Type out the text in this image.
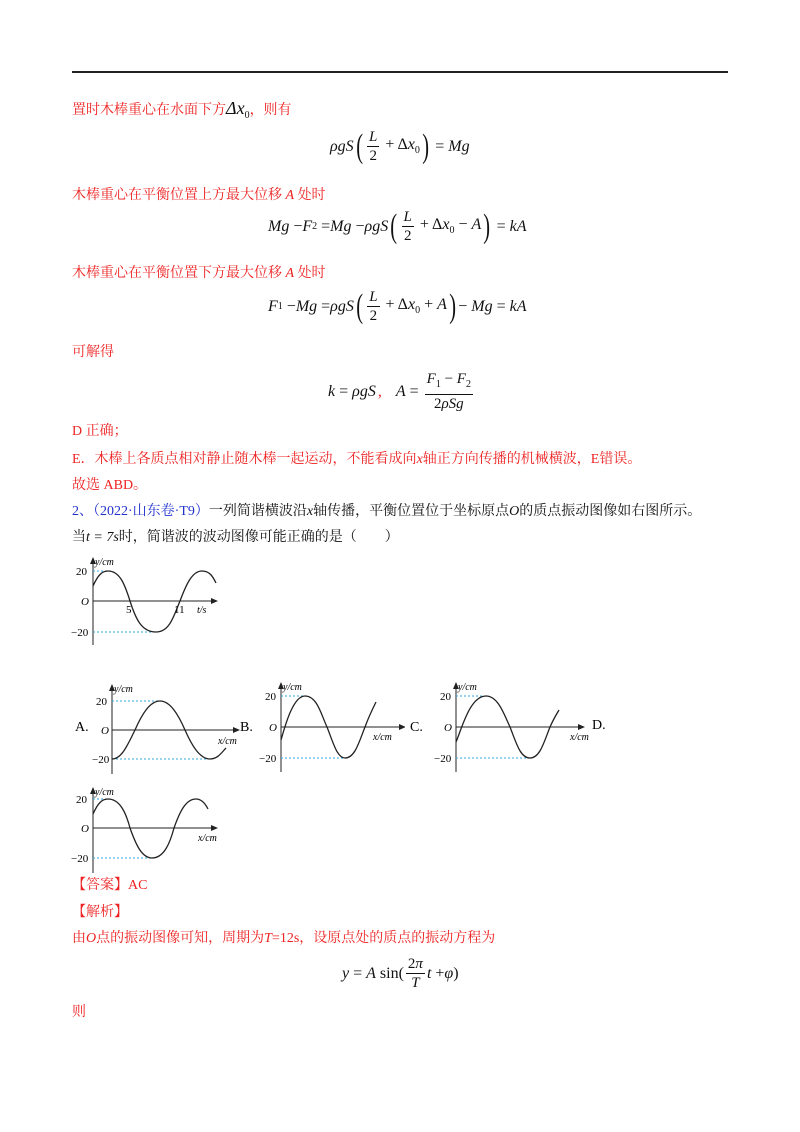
置时木棒重心在水面下方$\Delta x_0$，则有
ρgS ( $\frac{L}{2} + \Delta x_0$ ) = Mg
木棒重心在平衡位置上方最大位移 A 处时
Mg − F 2 = Mg − ρgS ( $\frac{L}{2} + \Delta x_0 - A$ ) = kA
木棒重心在平衡位置下方最大位移 A 处时
F 1 − Mg = ρgS ( $\frac{L}{2} + \Delta x_0 + A$ ) − Mg = kA
可解得
k = ρgS , $A = \frac{F_1 - F_2}{\text{2ρSg}}$
D 正确；
E．木棒上各质点相对静止随木棒一起运动，不能看成向x轴正方向传播的机械横波，E错误。
故选 ABD。
2、（2022·山东卷·T9）一列简谐横波沿x轴传播，平衡位置位于坐标原点O的质点振动图像如右图所示。
当t = 7s时，简谐波的波动图像可能正确的是（　　）
y/cm
20
−20
O
5	11 t/s
A.
y/cm
20
−20
O
x/cm
B.
y/cm
20
−20
O
x/cm
C.
y/cm
20
−20
O
x/cm
D.
y/cm
20
−20
O
x/cm
【答案】AC
【解析】
由O点的振动图像可知，周期为T=12s，设原点处的质点的振动方程为
y = A $\sin( \frac{2\pi}{T}$ t + φ )
则
